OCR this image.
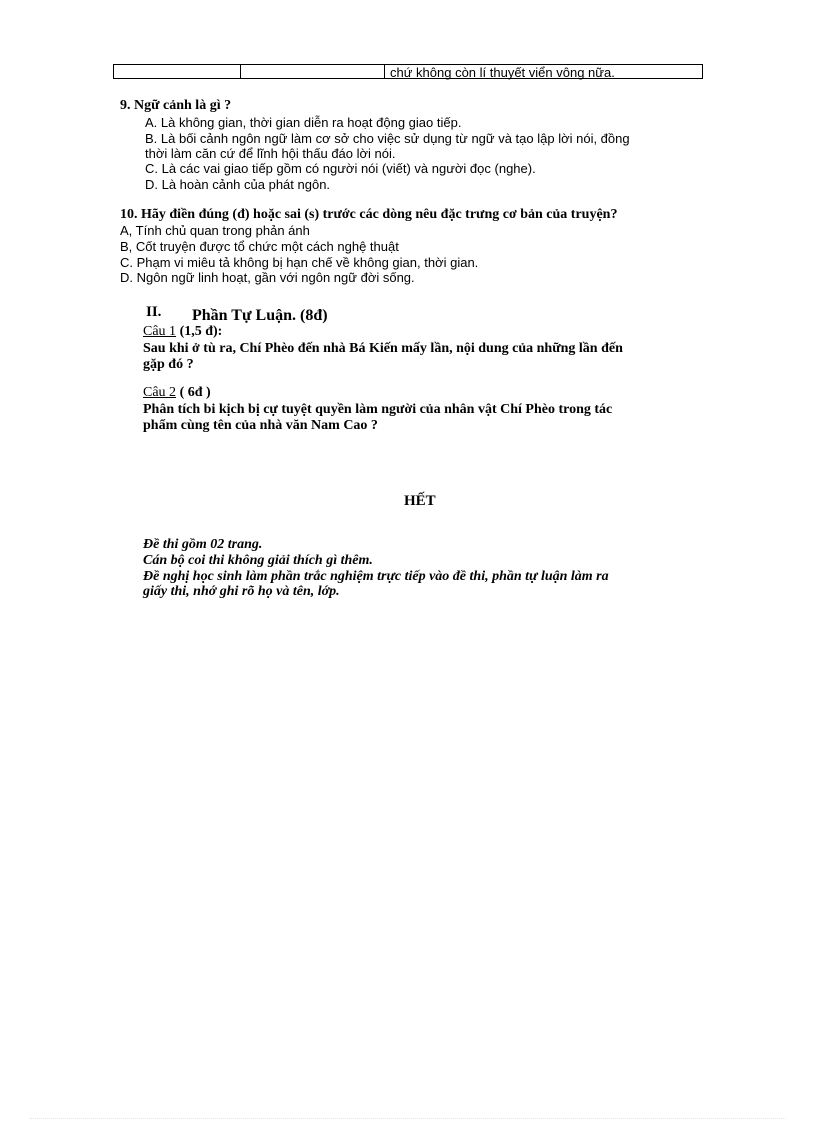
chứ không còn lí thuyết viển vông nữa.
9. Ngữ cảnh là gì ?
A. Là không gian, thời gian diễn ra hoạt động giao tiếp.
B. Là bối cảnh ngôn ngữ làm cơ sở cho việc sử dụng từ ngữ và tạo lập lời nói, đồng
thời làm căn cứ để lĩnh hội thấu đáo lời nói.
C. Là các vai giao tiếp gồm có người nói (viết) và người đọc (nghe).
D. Là hoàn cảnh của phát ngôn.
10. Hãy điền đúng (đ) hoặc sai (s) trước các dòng nêu đặc trưng cơ bản của truyện?
A, Tính chủ quan trong phản ánh
B, Cốt truyện được tổ chức một cách nghệ thuật
C. Phạm vi miêu tả không bị hạn chế về không gian, thời gian.
D. Ngôn ngữ linh hoạt, gần với ngôn ngữ đời sống.
II. Phần Tự Luận. (8đ)
Câu 1 (1,5 đ):
Sau khi ở tù ra, Chí Phèo đến nhà Bá Kiến mấy lần, nội dung của những lần đến
gặp đó ?
Câu 2 ( 6đ )
Phân tích bi kịch bị cự tuyệt quyền làm người của nhân vật Chí Phèo trong tác
phẩm cùng tên của nhà văn Nam Cao ?
HẾT
Đề thi gồm 02 trang.
Cán bộ coi thi không giải thích gì thêm.
Đề nghị học sinh làm phần trắc nghiệm trực tiếp vào đề thi, phần tự luận làm ra
giấy thi, nhớ ghi rõ họ và tên, lớp.
